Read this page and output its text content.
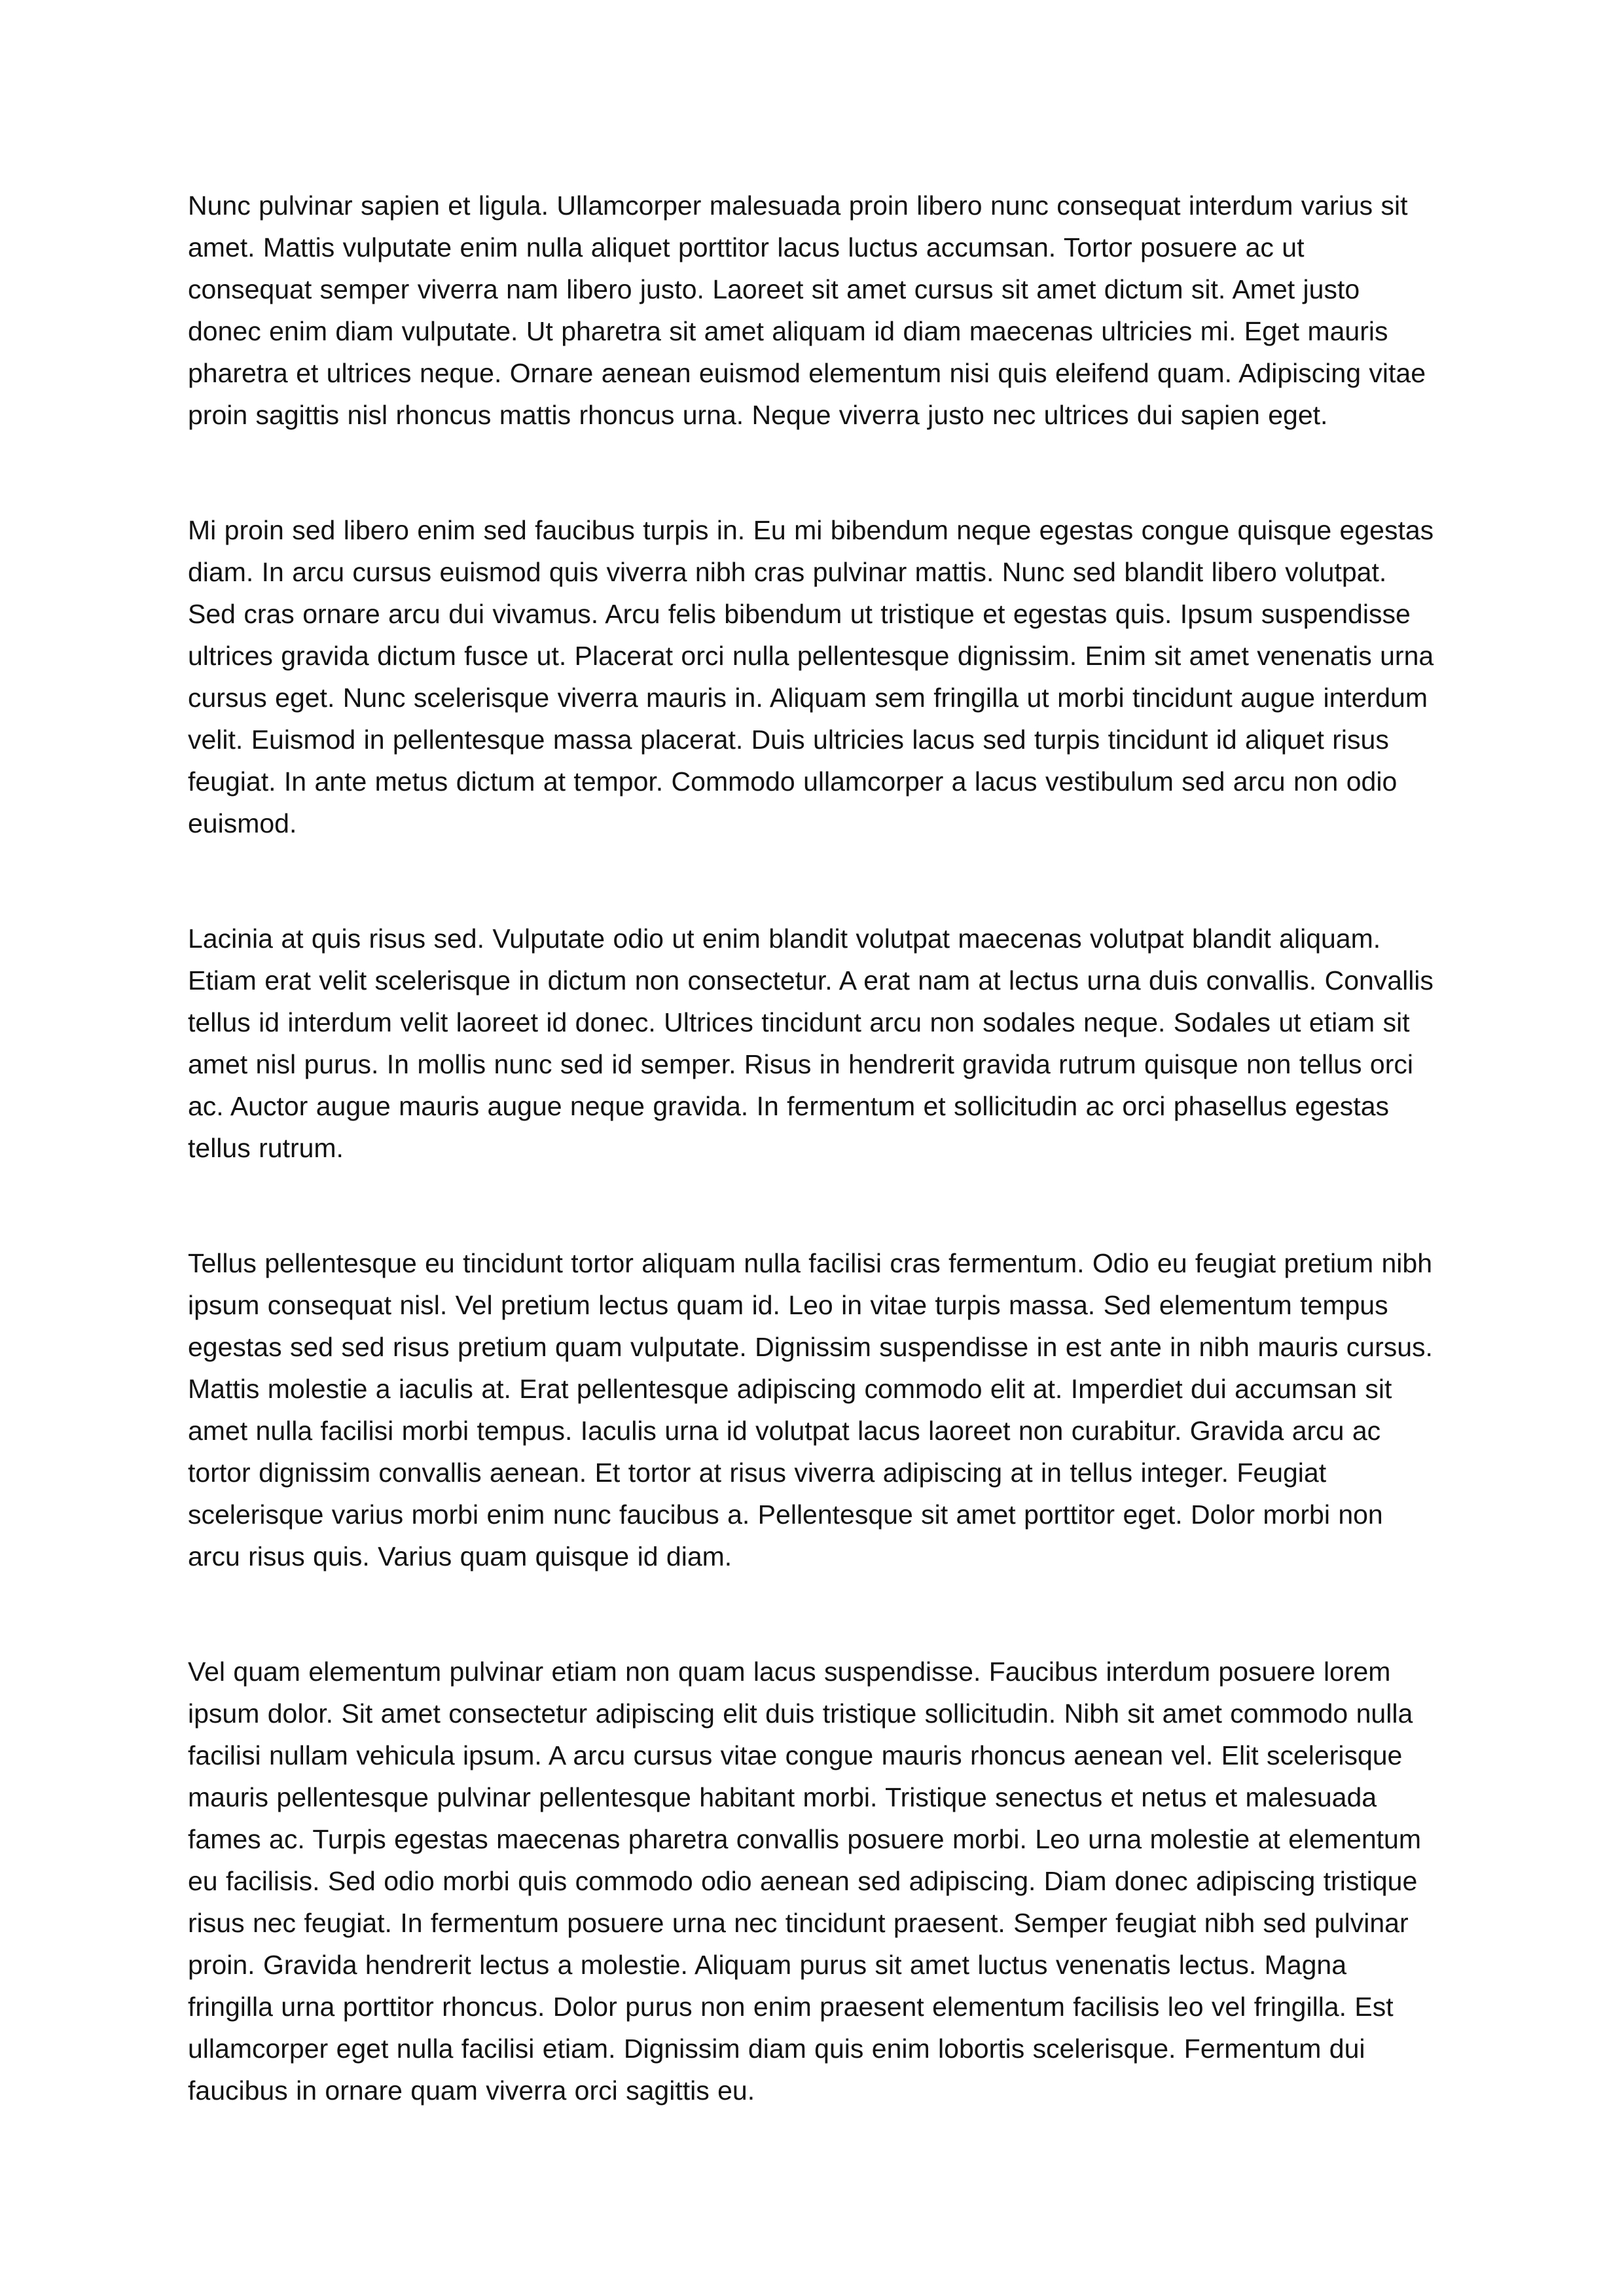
Nunc pulvinar sapien et ligula. Ullamcorper malesuada proin libero nunc consequat interdum varius sit amet. Mattis vulputate enim nulla aliquet porttitor lacus luctus accumsan. Tortor posuere ac ut consequat semper viverra nam libero justo. Laoreet sit amet cursus sit amet dictum sit. Amet justo donec enim diam vulputate. Ut pharetra sit amet aliquam id diam maecenas ultricies mi. Eget mauris pharetra et ultrices neque. Ornare aenean euismod elementum nisi quis eleifend quam. Adipiscing vitae proin sagittis nisl rhoncus mattis rhoncus urna. Neque viverra justo nec ultrices dui sapien eget.

Mi proin sed libero enim sed faucibus turpis in. Eu mi bibendum neque egestas congue quisque egestas diam. In arcu cursus euismod quis viverra nibh cras pulvinar mattis. Nunc sed blandit libero volutpat. Sed cras ornare arcu dui vivamus. Arcu felis bibendum ut tristique et egestas quis. Ipsum suspendisse ultrices gravida dictum fusce ut. Placerat orci nulla pellentesque dignissim. Enim sit amet venenatis urna cursus eget. Nunc scelerisque viverra mauris in. Aliquam sem fringilla ut morbi tincidunt augue interdum velit. Euismod in pellentesque massa placerat. Duis ultricies lacus sed turpis tincidunt id aliquet risus feugiat. In ante metus dictum at tempor. Commodo ullamcorper a lacus vestibulum sed arcu non odio euismod.

Lacinia at quis risus sed. Vulputate odio ut enim blandit volutpat maecenas volutpat blandit aliquam. Etiam erat velit scelerisque in dictum non consectetur. A erat nam at lectus urna duis convallis. Convallis tellus id interdum velit laoreet id donec. Ultrices tincidunt arcu non sodales neque. Sodales ut etiam sit amet nisl purus. In mollis nunc sed id semper. Risus in hendrerit gravida rutrum quisque non tellus orci ac. Auctor augue mauris augue neque gravida. In fermentum et sollicitudin ac orci phasellus egestas tellus rutrum.

Tellus pellentesque eu tincidunt tortor aliquam nulla facilisi cras fermentum. Odio eu feugiat pretium nibh ipsum consequat nisl. Vel pretium lectus quam id. Leo in vitae turpis massa. Sed elementum tempus egestas sed sed risus pretium quam vulputate. Dignissim suspendisse in est ante in nibh mauris cursus. Mattis molestie a iaculis at. Erat pellentesque adipiscing commodo elit at. Imperdiet dui accumsan sit amet nulla facilisi morbi tempus. Iaculis urna id volutpat lacus laoreet non curabitur. Gravida arcu ac tortor dignissim convallis aenean. Et tortor at risus viverra adipiscing at in tellus integer. Feugiat scelerisque varius morbi enim nunc faucibus a. Pellentesque sit amet porttitor eget. Dolor morbi non arcu risus quis. Varius quam quisque id diam.

Vel quam elementum pulvinar etiam non quam lacus suspendisse. Faucibus interdum posuere lorem ipsum dolor. Sit amet consectetur adipiscing elit duis tristique sollicitudin. Nibh sit amet commodo nulla facilisi nullam vehicula ipsum. A arcu cursus vitae congue mauris rhoncus aenean vel. Elit scelerisque mauris pellentesque pulvinar pellentesque habitant morbi. Tristique senectus et netus et malesuada fames ac. Turpis egestas maecenas pharetra convallis posuere morbi. Leo urna molestie at elementum eu facilisis. Sed odio morbi quis commodo odio aenean sed adipiscing. Diam donec adipiscing tristique risus nec feugiat. In fermentum posuere urna nec tincidunt praesent. Semper feugiat nibh sed pulvinar proin. Gravida hendrerit lectus a molestie. Aliquam purus sit amet luctus venenatis lectus. Magna fringilla urna porttitor rhoncus. Dolor purus non enim praesent elementum facilisis leo vel fringilla. Est ullamcorper eget nulla facilisi etiam. Dignissim diam quis enim lobortis scelerisque. Fermentum dui faucibus in ornare quam viverra orci sagittis eu.
